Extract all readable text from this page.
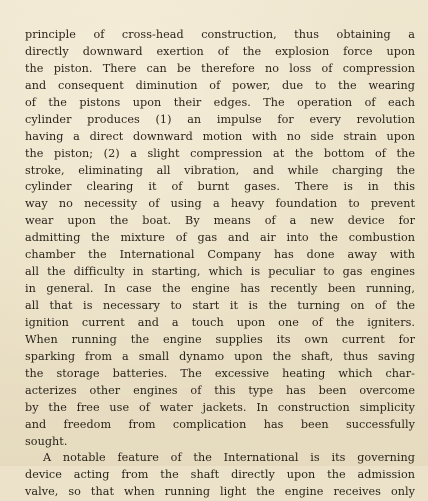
principle of cross-head construction, thus obtaining a
directly downward exertion of the explosion force upon
the piston. There can be therefore no loss of compression
and consequent diminution of power, due to the wearing
of the pistons upon their edges. The operation of each
cylinder produces (1) an impulse for every revolution
having a direct downward motion with no side strain upon
the piston; (2) a slight compression at the bottom of the
stroke, eliminating all vibration, and while charging the
cylinder clearing it of burnt gases. There is in this
way no necessity of using a heavy foundation to prevent
wear upon the boat. By means of a new device for
admitting the mixture of gas and air into the combustion
chamber the International Company has done away with
all the difficulty in starting, which is peculiar to gas engines
in general. In case the engine has recently been running,
all that is necessary to start it is the turning on of the
ignition current and a touch upon one of the igniters.
When running the engine supplies its own current for
sparking from a small dynamo upon the shaft, thus saving
the storage batteries. The excessive heating which char-
acterizes other engines of this type has been overcome
by the free use of water jackets. In construction simplicity
and freedom from complication has been successfully
sought.
A notable feature of the International is its governing
device acting from the shaft directly upon the admission
valve, so that when running light the engine receives only
